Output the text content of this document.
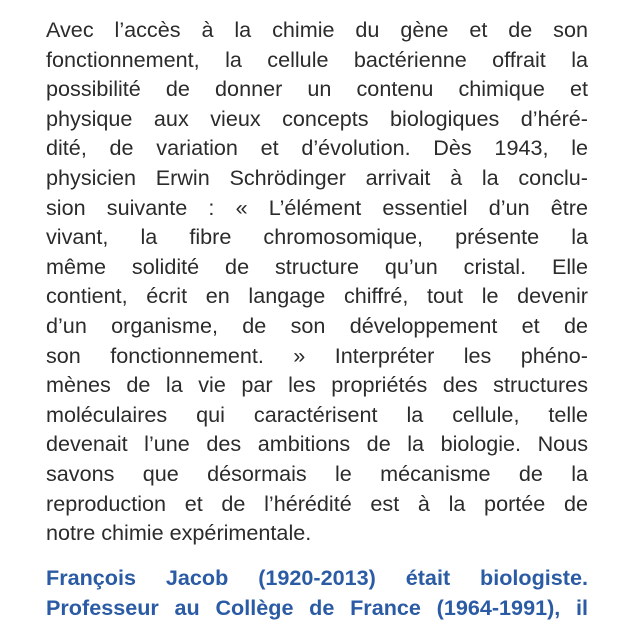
Avec l’accès à la chimie du gène et de son
fonctionnement, la cellule bactérienne offrait la
possibilité de donner un contenu chimique et
physique aux vieux concepts biologiques d’héré-
dité, de variation et d’évolution. Dès 1943, le
physicien Erwin Schrödinger arrivait à la conclu-
sion suivante : « L’élément essentiel d’un être
vivant, la fibre chromosomique, présente la
même solidité de structure qu’un cristal. Elle
contient, écrit en langage chiffré, tout le devenir
d’un organisme, de son développement et de
son fonctionnement. » Interpréter les phéno-
mènes de la vie par les propriétés des structures
moléculaires qui caractérisent la cellule, telle
devenait l’une des ambitions de la biologie. Nous
savons que désormais le mécanisme de la
reproduction et de l’hérédité est à la portée de
notre chimie expérimentale.
François Jacob (1920-2013) était biologiste.
Professeur au Collège de France (1964-1991), il
